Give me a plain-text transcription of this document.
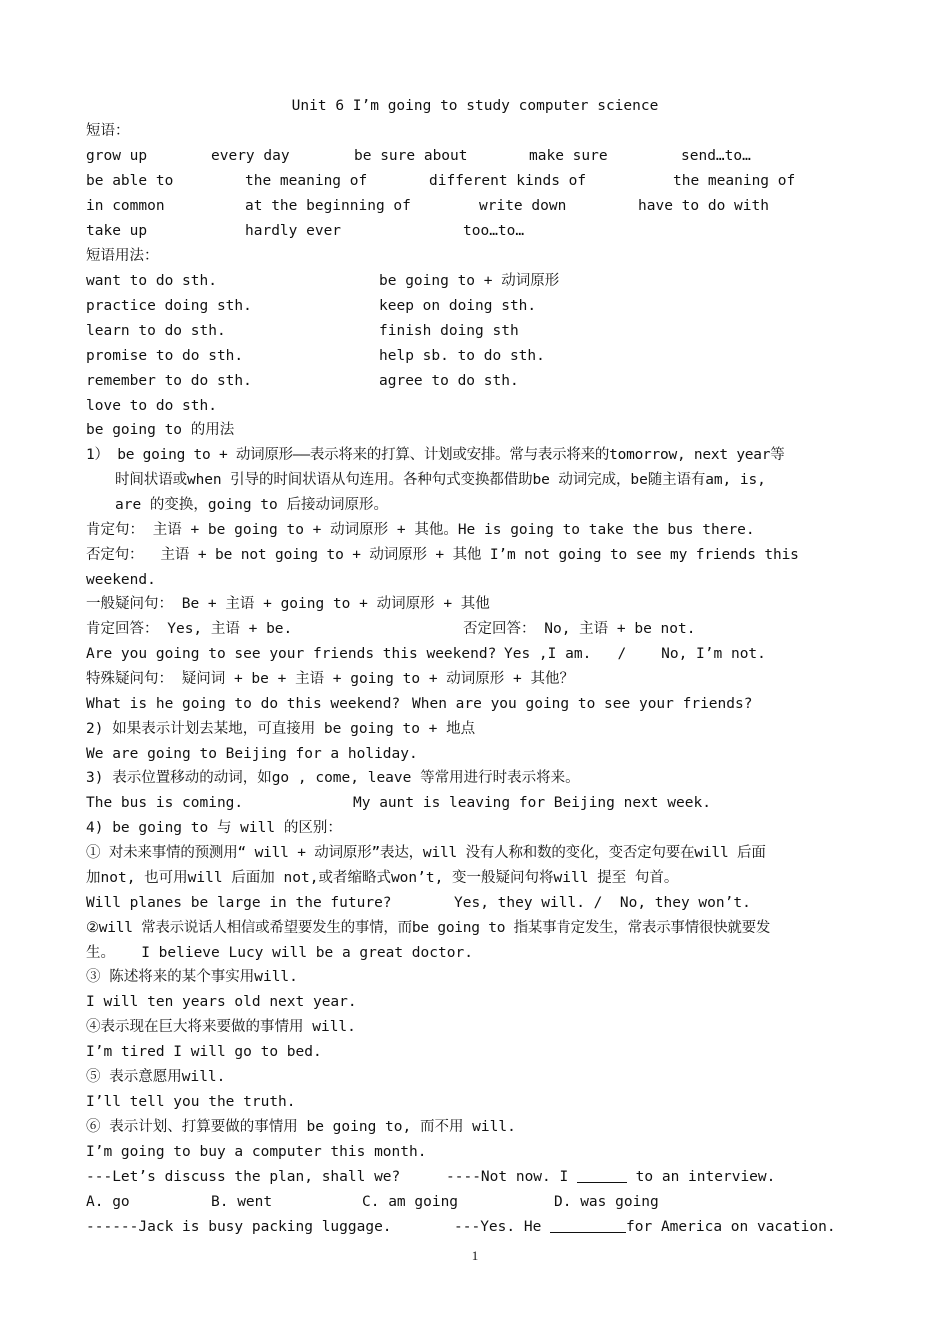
Unit 6 I’m going to study computer science
短语：
grow up	every day	be sure about	make sure	send…to…
be able to	the meaning of	different kinds of	the meaning of
in common	at the beginning of	write down	have to do with
take up	hardly ever	too…to…
短语用法：
want to do sth.	be going to + 动词原形
practice doing sth.	keep on doing sth.
learn to do sth.	finish doing sth
promise to do sth.	help sb. to do sth.
remember to do sth.	agree to do sth.
love to do sth.
be going to 的用法
1） be going to + 动词原形——表示将来的打算、计划或安排。常与表示将来的tomorrow, next year等
时间状语或when 引导的时间状语从句连用。各种句式变换都借助be 动词完成，be随主语有am, is,
are 的变换，going to 后接动词原形。
肯定句： 主语 + be going to + 动词原形 + 其他。He is going to take the bus there.
否定句：  主语 + be not going to + 动词原形 + 其他 I’m not going to see my friends this
weekend.
一般疑问句： Be + 主语 + going to + 动词原形 + 其他
肯定回答： Yes, 主语 + be.	否定回答： No, 主语 + be not.
Are you going to see your friends this weekend? Yes ,I am.   /    No, I’m not.
特殊疑问句： 疑问词 + be + 主语 + going to + 动词原形 + 其他？
What is he going to do this weekend? When are you going to see your friends?
2) 如果表示计划去某地，可直接用 be going to + 地点
We are going to Beijing for a holiday.
3) 表示位置移动的动词，如go , come, leave 等常用进行时表示将来。
The bus is coming.	My aunt is leaving for Beijing next week.
4) be going to 与 will 的区别：
① 对未来事情的预测用“ will + 动词原形”表达，will 没有人称和数的变化，变否定句要在will 后面
加not, 也可用will 后面加 not,或者缩略式won’t, 变一般疑问句将will 提至 句首。
Will planes be large in the future?	Yes, they will. /  No, they won’t.
②will 常表示说话人相信或希望要发生的事情，而be going to 指某事肯定发生，常表示事情很快就要发
生。   I believe Lucy will be a great doctor.
③ 陈述将来的某个事实用will.
I will ten years old next year.
④表示现在巨大将来要做的事情用 will.
I’m tired I will go to bed.
⑤ 表示意愿用will.
I’ll tell you the truth.
⑥ 表示计划、打算要做的事情用 be going to, 而不用 will.
I’m going to buy a computer this month.
---Let’s discuss the plan, shall we?	----Not now. I	to an interview.
A. go	B. went	C. am going	D. was going
------Jack is busy packing luggage.	---Yes. He	for America on vacation.
1
